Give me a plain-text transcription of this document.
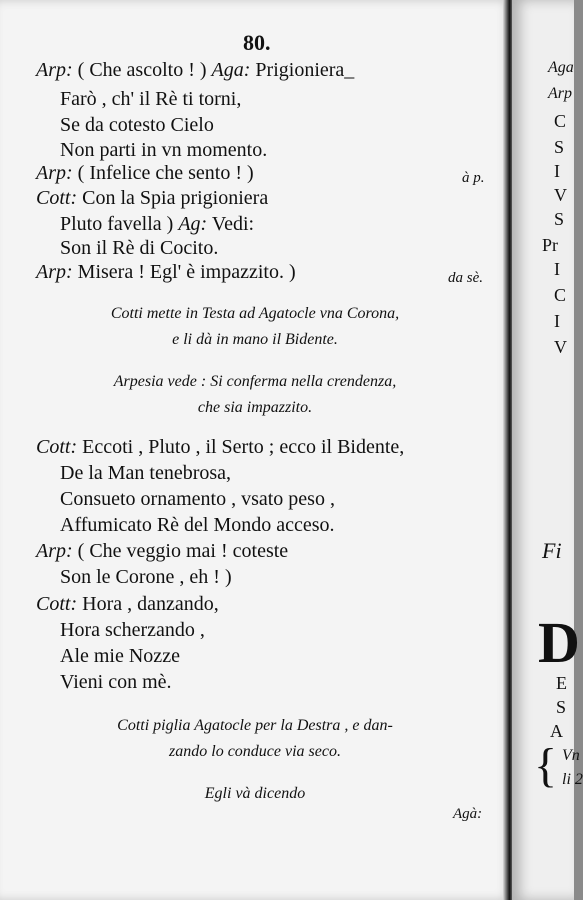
80.
Arp: ( Che ascolto ! ) Aga: Prigioniera_
Farò , ch' il Rè ti torni,
Se da cotesto Cielo
Non parti in vn momento.
Arp: ( Infelice che sento ! )	à p.
Cott: Con la Spia prigioniera
Pluto favella ) Ag: Vedi:
Son il Rè di Cocito.
Arp: Misera ! Egl' è impazzito. )	da sè.
Cotti mette in Testa ad Agatocle vna Corona,
e li dà in mano il Bidente.
Arpesia vede : Si conferma nella crendenza,
che sia impazzito.
Cott: Eccoti , Pluto , il Serto ; ecco il Bidente,
De la Man tenebrosa,
Consueto ornamento , vsato peso ,
Affumicato Rè del Mondo acceso.
Arp: ( Che veggio mai ! coteste
Son le Corone , eh ! )
Cott: Hora , danzando,
Hora scherzando ,
Ale mie Nozze
Vieni con mè.
Cotti piglia Agatocle per la Destra , e dan-
zando lo conduce via seco.
Egli và dicendo
Agà:
Aga
Arp
C
S
I
V
S
Pr
I
C
I
V
Fi
D
E
S
A
Vn
li 2
{
